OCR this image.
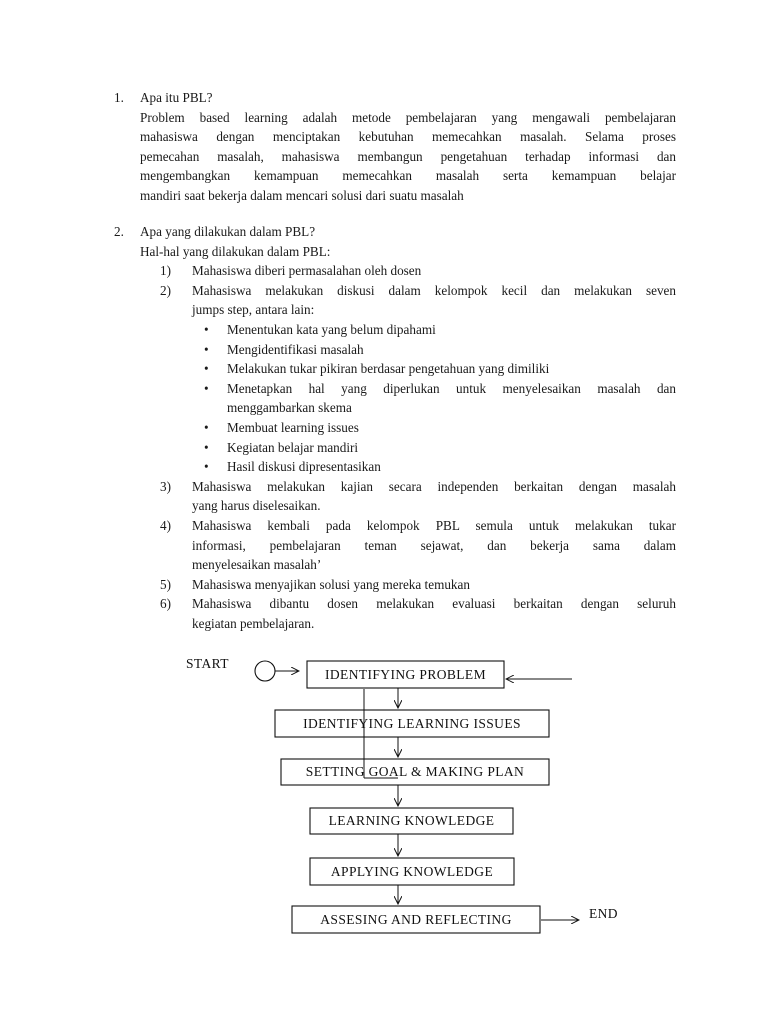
1. Apa itu PBL?
Problem based learning adalah metode pembelajaran yang mengawali pembelajaran
mahasiswa dengan menciptakan kebutuhan memecahkan masalah. Selama proses
pemecahan masalah, mahasiswa membangun pengetahuan terhadap informasi dan
mengembangkan kemampuan memecahkan masalah serta kemampuan belajar
mandiri saat bekerja dalam mencari solusi dari suatu masalah
2. Apa yang dilakukan dalam PBL?
Hal-hal yang dilakukan dalam PBL:
1) Mahasiswa diberi permasalahan oleh dosen
2) Mahasiswa melakukan diskusi dalam kelompok kecil dan melakukan seven
jumps step, antara lain:
• Menentukan kata yang belum dipahami
• Mengidentifikasi masalah
• Melakukan tukar pikiran berdasar pengetahuan yang dimiliki
• Menetapkan hal yang diperlukan untuk menyelesaikan masalah dan
menggambarkan skema
• Membuat learning issues
• Kegiatan belajar mandiri
• Hasil diskusi dipresentasikan
3) Mahasiswa melakukan kajian secara independen berkaitan dengan masalah
yang harus diselesaikan.
4) Mahasiswa kembali pada kelompok PBL semula untuk melakukan tukar
informasi, pembelajaran teman sejawat, dan bekerja sama dalam
menyelesaikan masalah’
5) Mahasiswa menyajikan solusi yang mereka temukan
6) Mahasiswa dibantu dosen melakukan evaluasi berkaitan dengan seluruh
kegiatan pembelajaran.
START
IDENTIFYING PROBLEM
IDENTIFYING LEARNING ISSUES
SETTING GOAL & MAKING PLAN
LEARNING KNOWLEDGE
APPLYING KNOWLEDGE
ASSESING AND REFLECTING	END
